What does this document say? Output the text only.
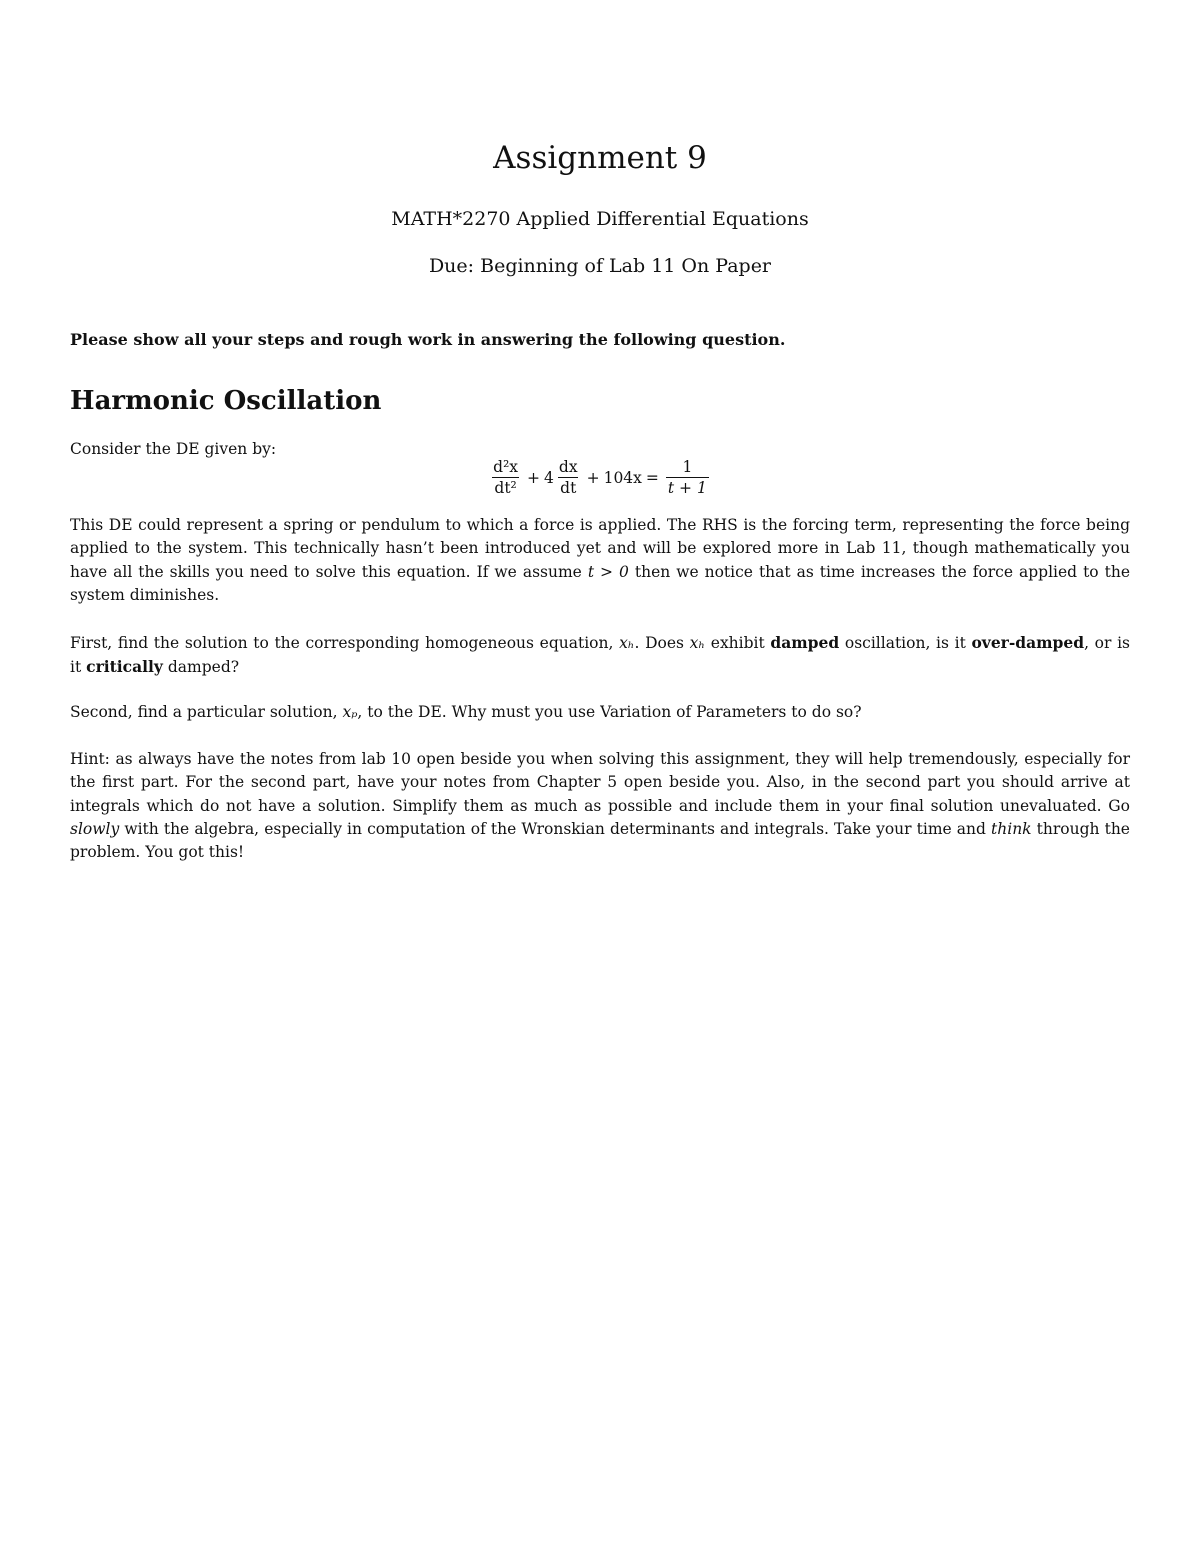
Assignment 9
MATH*2270 Applied Differential Equations
Due: Beginning of Lab 11 On Paper
Please show all your steps and rough work in answering the following question.
Harmonic Oscillation

Consider the DE given by:

$\frac{\text{d²x}}{\text{dt²}} + 4 \frac{dx}{dt} + 104x = \frac{1}{t + 1}$

This DE could represent a spring or pendulum to which a force is applied. The RHS is the forcing term, representing the force being applied to the system. This technically hasn’t been introduced yet and will be explored more in Lab 11, though mathematically you have all the skills you need to solve this equation. If we assume t > 0 then we notice that as time increases the force applied to the system diminishes.

First, find the solution to the corresponding homogeneous equation, xₕ. Does xₕ exhibit damped oscillation, is it over-damped, or is it critically damped?

Second, find a particular solution, xₚ, to the DE. Why must you use Variation of Parameters to do so?

Hint: as always have the notes from lab 10 open beside you when solving this assignment, they will help tremendously, especially for the first part. For the second part, have your notes from Chapter 5 open beside you. Also, in the second part you should arrive at integrals which do not have a solution. Simplify them as much as possible and include them in your final solution unevaluated. Go slowly with the algebra, especially in computation of the Wronskian determinants and integrals. Take your time and think through the problem. You got this!
